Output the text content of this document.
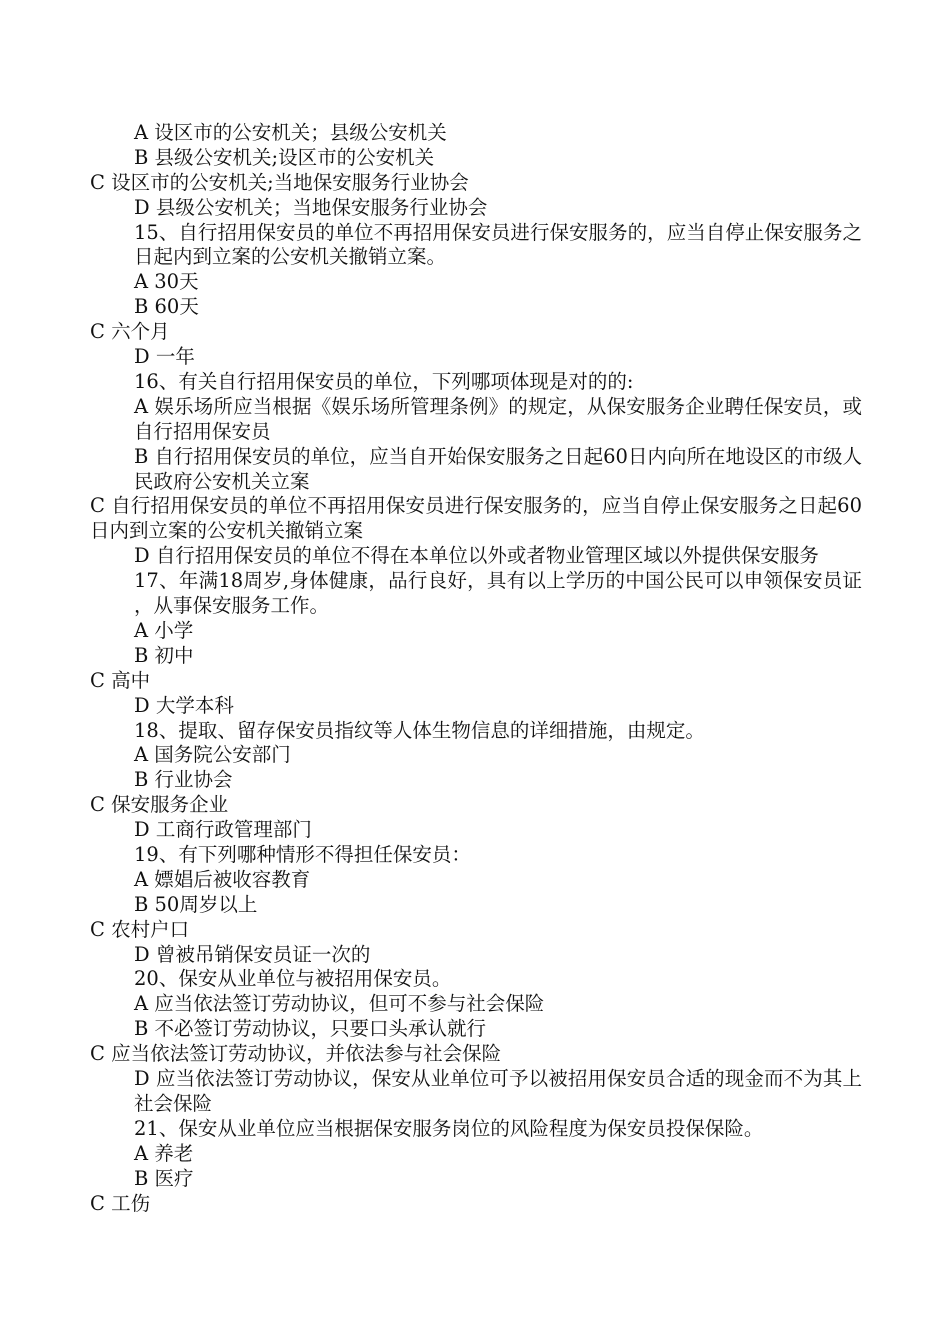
A 设区市的公安机关；县级公安机关
B 县级公安机关;设区市的公安机关
C 设区市的公安机关;当地保安服务行业协会
D 县级公安机关；当地保安服务行业协会
15、自行招用保安员的单位不再招用保安员进行保安服务的，应当自停止保安服务之日起内到立案的公安机关撤销立案。
A 30天
B 60天
C 六个月
D 一年
16、有关自行招用保安员的单位，下列哪项体现是对的的:
A 娱乐场所应当根据《娱乐场所管理条例》的规定，从保安服务企业聘任保安员，或自行招用保安员
B 自行招用保安员的单位，应当自开始保安服务之日起60日内向所在地设区的市级人民政府公安机关立案
C 自行招用保安员的单位不再招用保安员进行保安服务的，应当自停止保安服务之日起60日内到立案的公安机关撤销立案
D 自行招用保安员的单位不得在本单位以外或者物业管理区域以外提供保安服务
17、年满18周岁,身体健康，品行良好，具有以上学历的中国公民可以申领保安员证，从事保安服务工作。
A 小学
B 初中
C 高中
D 大学本科
18、提取、留存保安员指纹等人体生物信息的详细措施，由规定。
A 国务院公安部门
B 行业协会
C 保安服务企业
D 工商行政管理部门
19、有下列哪种情形不得担任保安员：
A 嫖娼后被收容教育
B 50周岁以上
C 农村户口
D 曾被吊销保安员证一次的
20、保安从业单位与被招用保安员。
A 应当依法签订劳动协议，但可不参与社会保险
B 不必签订劳动协议，只要口头承认就行
C 应当依法签订劳动协议，并依法参与社会保险
D 应当依法签订劳动协议，保安从业单位可予以被招用保安员合适的现金而不为其上社会保险
21、保安从业单位应当根据保安服务岗位的风险程度为保安员投保保险。
A 养老
B 医疗
C 工伤
